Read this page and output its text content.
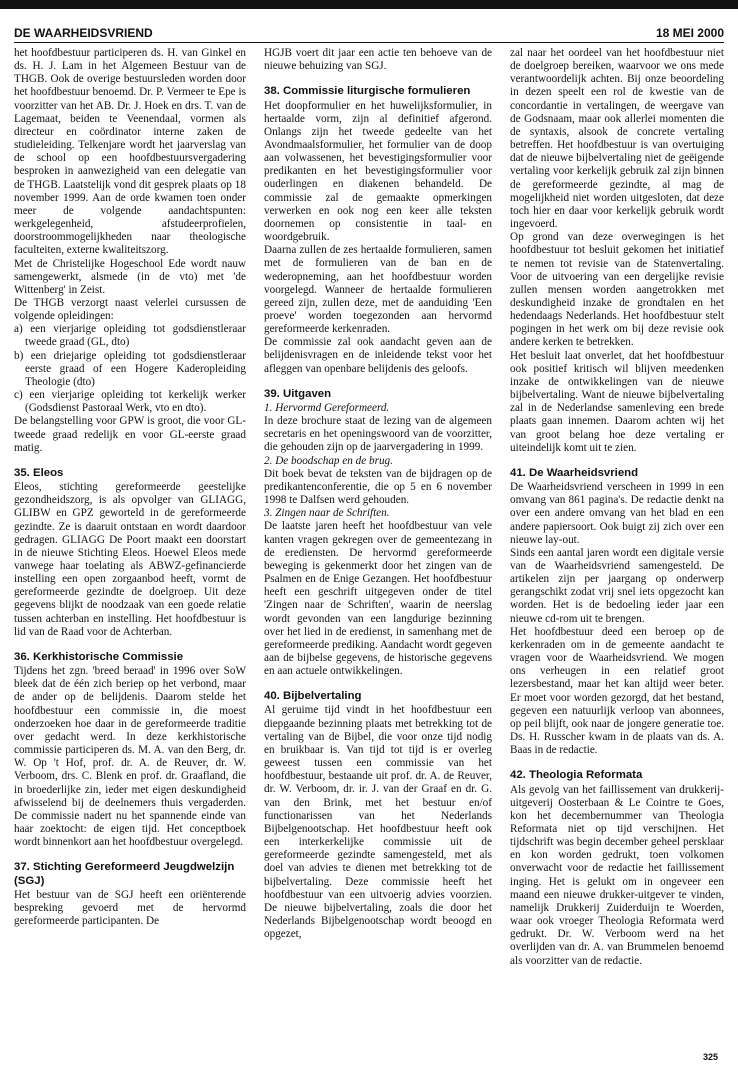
DE WAARHEIDSVRIEND	18 MEI 2000

het hoofdbestuur participeren ds. H. van Ginkel en ds. H. J. Lam in het Algemeen Bestuur van de THGB. Ook de overige bestuursleden worden door het hoofdbestuur benoemd. Dr. P. Vermeer te Epe is voorzitter van het AB. Dr. J. Hoek en drs. T. van de Lagemaat, beiden te Veenendaal, vormen als directeur en coördinator interne zaken de studieleiding. Telkenjare wordt het jaarverslag van de school op een hoofdbestuursvergadering besproken in aanwezigheid van een delegatie van de THGB. Laatstelijk vond dit gesprek plaats op 18 november 1999. Aan de orde kwamen toen onder meer de volgende aandachtspunten: werkgelegenheid, afstudeerprofielen, doorstroommogelijkheden naar theologische faculteiten, externe kwaliteitszorg.

Met de Christelijke Hogeschool Ede wordt nauw samengewerkt, alsmede (in de vto) met 'de Wittenberg' in Zeist.

De THGB verzorgt naast velerlei cursussen de volgende opleidingen:

a) een vierjarige opleiding tot godsdienstleraar tweede graad (GL, dto)
b) een driejarige opleiding tot godsdienstleraar eerste graad of een Hogere Kaderopleiding Theologie (dto)
c) een vierjarige opleiding tot kerkelijk werker (Godsdienst Pastoraal Werk, vto en dto).

De belangstelling voor GPW is groot, die voor GL-tweede graad redelijk en voor GL-eerste graad matig.

35. Eleos

Eleos, stichting gereformeerde geestelijke gezondheidszorg, is als opvolger van GLIAGG, GLIBW en GPZ geworteld in de gereformeerde gezindte. Ze is daaruit ontstaan en wordt daardoor gedragen. GLIAGG De Poort maakt een doorstart in de nieuwe Stichting Eleos. Hoewel Eleos mede vanwege haar toelating als ABWZ-gefinancierde instelling een open zorgaanbod heeft, vormt de gereformeerde gezindte de doelgroep. Uit deze gegevens blijkt de noodzaak van een goede relatie tussen achterban en instelling. Het hoofdbestuur is lid van de Raad voor de Achterban.

36. Kerkhistorische Commissie

Tijdens het zgn. 'breed beraad' in 1996 over SoW bleek dat de één zich beriep op het verbond, maar de ander op de belijdenis. Daarom stelde het hoofdbestuur een commissie in, die moest onderzoeken hoe daar in de gereformeerde traditie over gedacht werd. In deze kerkhistorische commissie participeren ds. M. A. van den Berg, dr. W. Op 't Hof, prof. dr. A. de Reuver, dr. W. Verboom, drs. C. Blenk en prof. dr. Graafland, die in broederlijke zin, ieder met eigen deskundigheid afwisselend bij de deelnemers thuis vergaderden. De commissie nadert nu het spannende einde van haar zoektocht: de eigen tijd. Het conceptboek wordt binnenkort aan het hoofdbestuur overgelegd.

37. Stichting Gereformeerd Jeugdwelzijn (SGJ)

Het bestuur van de SGJ heeft een oriënterende bespreking gevoerd met de hervormd gereformeerde participanten. De

HGJB voert dit jaar een actie ten behoeve van de nieuwe behuizing van SGJ.

38. Commissie liturgische formulieren

Het doopformulier en het huwelijksformulier, in hertaalde vorm, zijn al definitief afgerond. Onlangs zijn het tweede gedeelte van het Avondmaalsformulier, het formulier van de doop aan volwassenen, het bevestigingsformulier voor predikanten en het bevestigingsformulier voor ouderlingen en diakenen behandeld. De commissie zal de gemaakte opmerkingen verwerken en ook nog een keer alle teksten doornemen op consistentie in taal- en woordgebruik.

Daarna zullen de zes hertaalde formulieren, samen met de formulieren van de ban en de wederopneming, aan het hoofdbestuur worden voorgelegd. Wanneer de hertaalde formulieren gereed zijn, zullen deze, met de aanduiding 'Een proeve' worden toegezonden aan hervormd gereformeerde kerkenraden.

De commissie zal ook aandacht geven aan de belijdenisvragen en de inleidende tekst voor het afleggen van openbare belijdenis des geloofs.

39. Uitgaven

1. Hervormd Gereformeerd.

In deze brochure staat de lezing van de algemeen secretaris en het openingswoord van de voorzitter, die gehouden zijn op de jaarvergadering in 1999.

2. De boodschap en de brug.

Dit boek bevat de teksten van de bijdragen op de predikantenconferentie, die op 5 en 6 november 1998 te Dalfsen werd gehouden.

3. Zingen naar de Schriften.

De laatste jaren heeft het hoofdbestuur van vele kanten vragen gekregen over de gemeentezang in de erediensten. De hervormd gereformeerde beweging is gekenmerkt door het zingen van de Psalmen en de Enige Gezangen. Het hoofdbestuur heeft een geschrift uitgegeven onder de titel 'Zingen naar de Schriften', waarin de neerslag wordt gevonden van een langdurige bezinning over het lied in de eredienst, in samenhang met de gereformeerde prediking. Aandacht wordt gegeven aan de bijbelse gegevens, de historische gegevens en aan actuele ontwikkelingen.

40. Bijbelvertaling

Al geruime tijd vindt in het hoofdbestuur een diepgaande bezinning plaats met betrekking tot de vertaling van de Bijbel, die voor onze tijd nodig en bruikbaar is. Van tijd tot tijd is er overleg geweest tussen een commissie van het hoofdbestuur, bestaande uit prof. dr. A. de Reuver, dr. W. Verboom, dr. ir. J. van der Graaf en dr. G. van den Brink, met het bestuur en/of functionarissen van het Nederlands Bijbelgenootschap. Het hoofdbestuur heeft ook een interkerkelijke commissie uit de gereformeerde gezindte samengesteld, met als doel van advies te dienen met betrekking tot de bijbelvertaling. Deze commissie heeft het hoofdbestuur van een uitvoerig advies voorzien. De nieuwe bijbelvertaling, zoals die door het Nederlands Bijbelgenootschap wordt beoogd en opgezet,

zal naar het oordeel van het hoofdbestuur niet de doelgroep bereiken, waarvoor we ons mede verantwoordelijk achten. Bij onze beoordeling in dezen speelt een rol de kwestie van de concordantie in vertalingen, de weergave van de Godsnaam, maar ook allerlei momenten die de syntaxis, alsook de concrete vertaling betreffen. Het hoofdbestuur is van overtuiging dat de nieuwe bijbelvertaling niet de geëigende vertaling voor kerkelijk gebruik zal zijn binnen de gereformeerde gezindte, al mag de mogelijkheid niet worden uitgesloten, dat deze toch hier en daar voor kerkelijk gebruik wordt ingevoerd.

Op grond van deze overwegingen is het hoofdbestuur tot besluit gekomen het initiatief te nemen tot revisie van de Statenvertaling. Voor de uitvoering van een dergelijke revisie zullen mensen worden aangetrokken met deskundigheid inzake de grondtalen en het hedendaags Nederlands. Het hoofdbestuur stelt pogingen in het werk om bij deze revisie ook andere kerken te betrekken.

Het besluit laat onverlet, dat het hoofdbestuur ook positief kritisch wil blijven meedenken inzake de ontwikkelingen van de nieuwe bijbelvertaling. Want de nieuwe bijbelvertaling zal in de Nederlandse samenleving een brede plaats gaan innemen. Daarom achten wij het van groot belang hoe deze vertaling er uiteindelijk komt uit te zien.

41. De Waarheidsvriend

De Waarheidsvriend verscheen in 1999 in een omvang van 861 pagina's. De redactie denkt na over een andere omvang van het blad en een andere papiersoort. Ook buigt zij zich over een nieuwe lay-out.

Sinds een aantal jaren wordt een digitale versie van de Waarheidsvriend samengesteld. De artikelen zijn per jaargang op onderwerp gerangschikt zodat vrij snel iets opgezocht kan worden. Het is de bedoeling ieder jaar een nieuwe cd-rom uit te brengen.

Het hoofdbestuur deed een beroep op de kerkenraden om in de gemeente aandacht te vragen voor de Waarheidsvriend. We mogen ons verheugen in een relatief groot lezersbestand, maar het kan altijd weer beter. Er moet voor worden gezorgd, dat het bestand, gegeven een natuurlijk verloop van abonnees, op peil blijft, ook naar de jongere generatie toe. Ds. H. Russcher kwam in de plaats van ds. A. Baas in de redactie.

42. Theologia Reformata

Als gevolg van het faillissement van drukkerij-uitgeverij Oosterbaan & Le Cointre te Goes, kon het decembernummer van Theologia Reformata niet op tijd verschijnen. Het tijdschrift was begin december geheel persklaar en kon worden gedrukt, toen volkomen onverwacht voor de redactie het faillissement inging. Het is gelukt om in ongeveer een maand een nieuwe drukker-uitgever te vinden, namelijk Drukkerij Zuiderduijn te Woerden, waar ook vroeger Theologia Reformata werd gedrukt. Dr. W. Verboom werd na het overlijden van dr. A. van Brummelen benoemd als voorzitter van de redactie.

325
